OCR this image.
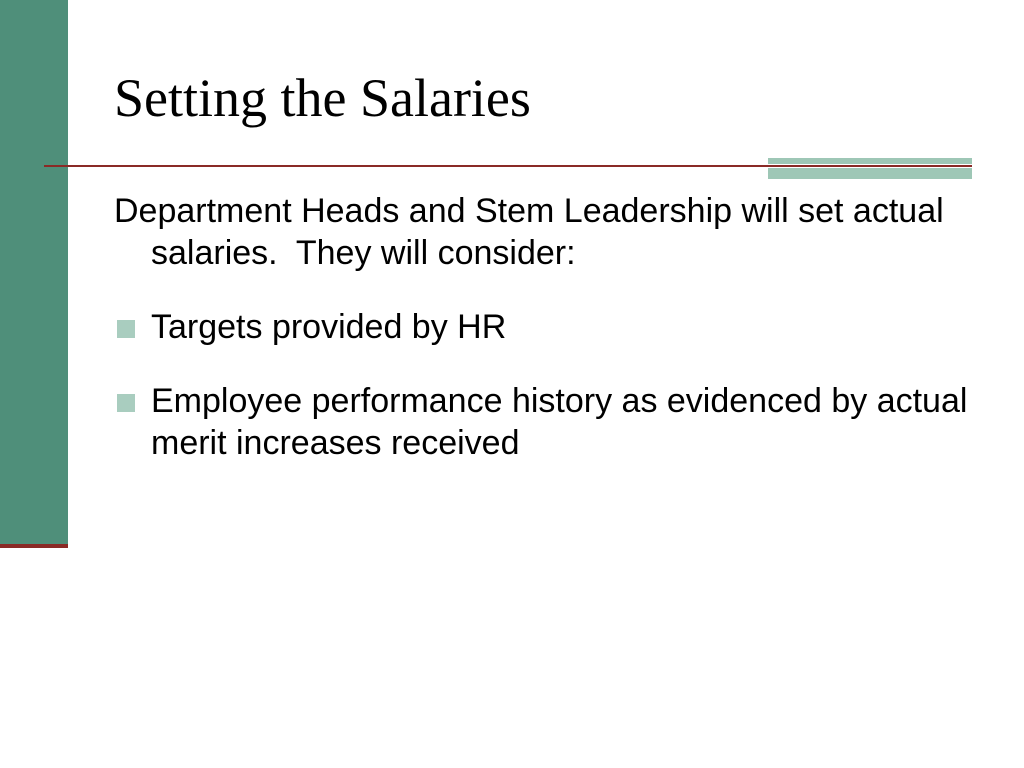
Setting the Salaries

Department Heads and Stem Leadership will set actual salaries.  They will consider:

Targets provided by HR
Employee performance history as evidenced by actual merit increases received
